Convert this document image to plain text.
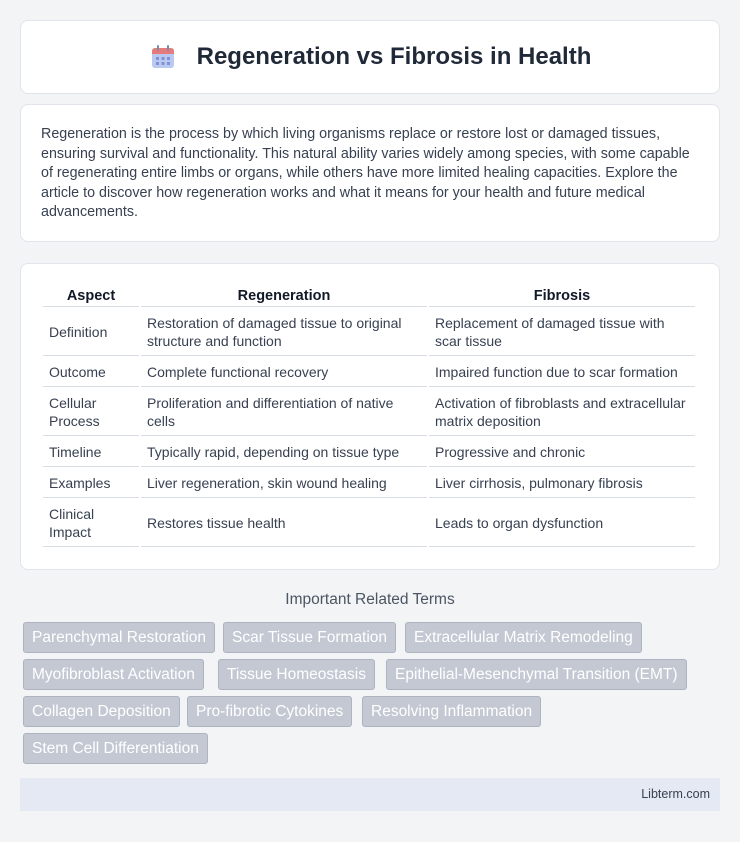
Regeneration vs Fibrosis in Health

Regeneration is the process by which living organisms replace or restore lost or damaged tissues, ensuring survival and functionality. This natural ability varies widely among species, with some capable of regenerating entire limbs or organs, while others have more limited healing capacities. Explore the article to discover how regeneration works and what it means for your health and future medical advancements.

Aspect	Regeneration	Fibrosis
Definition	Restoration of damaged tissue to original structure and function	Replacement of damaged tissue with scar tissue
Outcome	Complete functional recovery	Impaired function due to scar formation
Cellular Process	Proliferation and differentiation of native cells	Activation of fibroblasts and extracellular matrix deposition
Timeline	Typically rapid, depending on tissue type	Progressive and chronic
Examples	Liver regeneration, skin wound healing	Liver cirrhosis, pulmonary fibrosis
Clinical Impact	Restores tissue health	Leads to organ dysfunction
Important Related Terms
Parenchymal Restoration	Scar Tissue Formation	Extracellular Matrix Remodeling
Myofibroblast Activation	Tissue Homeostasis	Epithelial-Mesenchymal Transition (EMT)
Collagen Deposition	Pro-fibrotic Cytokines	Resolving Inflammation
Stem Cell Differentiation
Libterm.com
